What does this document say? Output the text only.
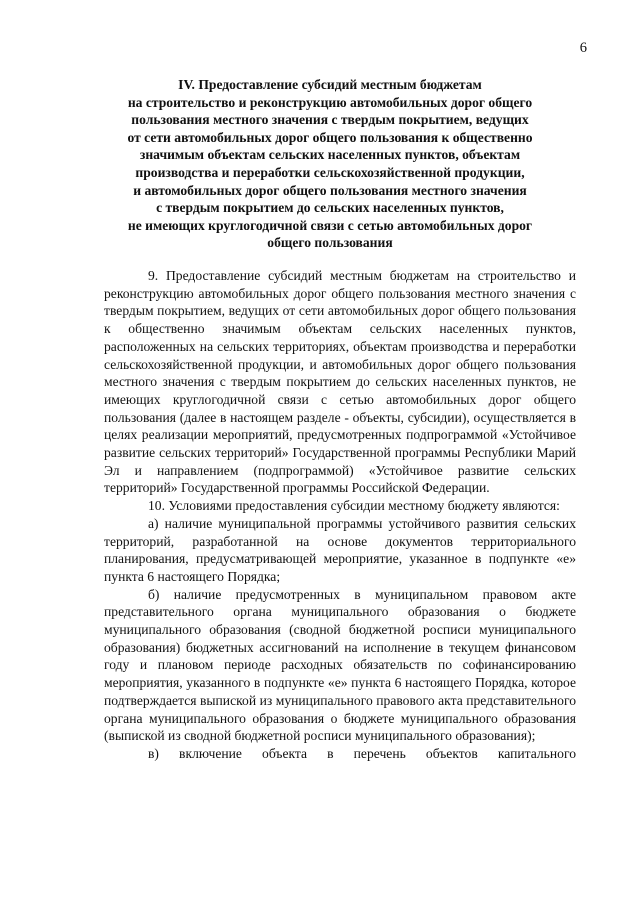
6
IV. Предоставление субсидий местным бюджетам
на строительство и реконструкцию автомобильных дорог общего
пользования местного значения с твердым покрытием, ведущих
от сети автомобильных дорог общего пользования к общественно
значимым объектам сельских населенных пунктов, объектам
производства и переработки сельскохозяйственной продукции,
и автомобильных дорог общего пользования местного значения
с твердым покрытием до сельских населенных пунктов,
не имеющих круглогодичной связи с сетью автомобильных дорог
общего пользования

9. Предоставление субсидий местным бюджетам на строительство и реконструкцию автомобильных дорог общего пользования местного значения с твердым покрытием, ведущих от сети автомобильных дорог общего пользования к общественно значимым объектам сельских населенных пунктов, расположенных на сельских территориях, объектам производства и переработки сельскохозяйственной продукции, и автомобильных дорог общего пользования местного значения с твердым покрытием до сельских населенных пунктов, не имеющих круглогодичной связи с сетью автомобильных дорог общего пользования (далее в настоящем разделе - объекты, субсидии), осуществляется в целях реализации мероприятий, предусмотренных подпрограммой «Устойчивое развитие сельских территорий» Государственной программы Республики Марий Эл и направлением (подпрограммой) «Устойчивое развитие сельских территорий» Государственной программы Российской Федерации.

10. Условиями предоставления субсидии местному бюджету являются:

а) наличие муниципальной программы устойчивого развития сельских территорий, разработанной на основе документов территориального планирования, предусматривающей мероприятие, указанное в подпункте «е» пункта 6 настоящего Порядка;

б) наличие предусмотренных в муниципальном правовом акте представительного органа муниципального образования о бюджете муниципального образования (сводной бюджетной росписи муниципального образования) бюджетных ассигнований на исполнение в текущем финансовом году и плановом периоде расходных обязательств по софинансированию мероприятия, указанного в подпункте «е» пункта 6 настоящего Порядка, которое подтверждается выпиской из муниципального правового акта представительного органа муниципального образования о бюджете муниципального образования (выпиской из сводной бюджетной росписи муниципального образования);

в) включение объекта в перечень объектов капитального
